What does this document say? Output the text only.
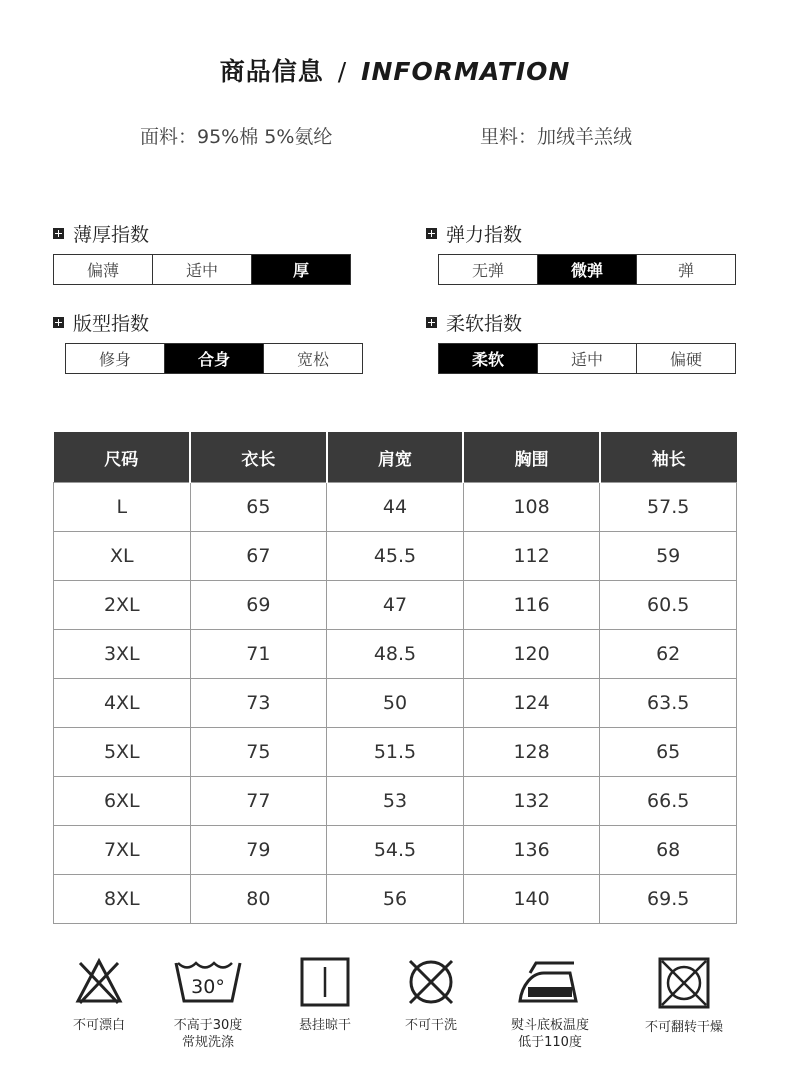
商品信息 / INFORMATION
面料：95%棉 5%氨纶	里料：加绒羊羔绒
薄厚指数
偏薄	适中	厚
弹力指数
无弹	微弹	弹
版型指数
修身	合身	宽松
柔软指数
柔软	适中	偏硬
尺码	衣长	肩宽	胸围	袖长
L	65	44	108	57.5
XL	67	45.5	112	59
2XL	69	47	116	60.5
3XL	71	48.5	120	62
4XL	73	50	124	63.5
5XL	75	51.5	128	65
6XL	77	53	132	66.5
7XL	79	54.5	136	68
8XL	80	56	140	69.5
不可漂白
30°
不高于30度
常规洗涤
悬挂晾干	不可干洗	熨斗底板温度
低于110度
不可翻转干燥
